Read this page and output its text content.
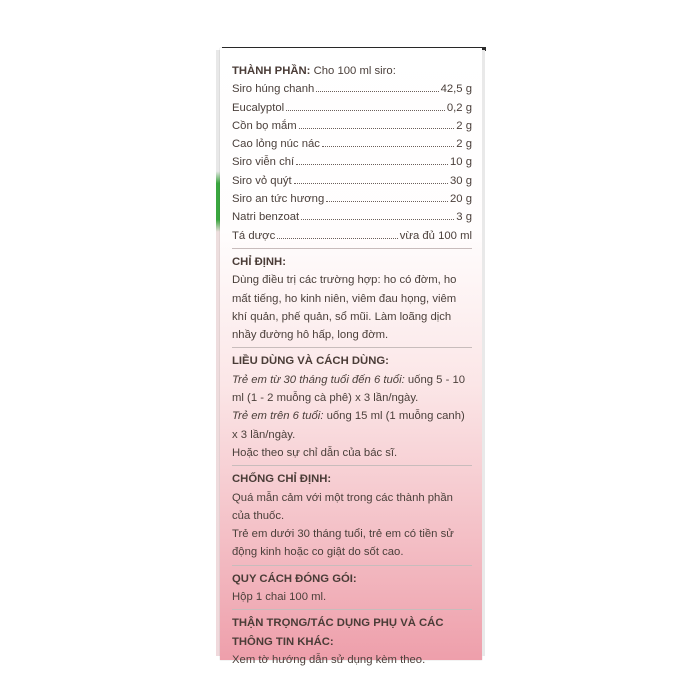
THÀNH PHẦN: Cho 100 ml siro:
Siro húng chanh	42,5 g
Eucalyptol	0,2 g
Cồn bọ mắm	2 g
Cao lỏng núc nác	2 g
Siro viễn chí	10 g
Siro vỏ quýt	30 g
Siro an tức hương	20 g
Natri benzoat	3 g
Tá dược	vừa đủ 100 ml
CHỈ ĐỊNH:
Dùng điều trị các trường hợp: ho có đờm, ho mất tiếng, ho kinh niên, viêm đau họng, viêm khí quản, phế quản, sổ mũi. Làm loãng dịch nhầy đường hô hấp, long đờm.
LIỀU DÙNG VÀ CÁCH DÙNG:
Trẻ em từ 30 tháng tuổi đến 6 tuổi: uống 5 - 10 ml (1 - 2 muỗng cà phê) x 3 lần/ngày.
Trẻ em trên 6 tuổi: uống 15 ml (1 muỗng canh) x 3 lần/ngày.
Hoặc theo sự chỉ dẫn của bác sĩ.
CHỐNG CHỈ ĐỊNH:
Quá mẫn cảm với một trong các thành phần của thuốc.
Trẻ em dưới 30 tháng tuổi, trẻ em có tiền sử động kinh hoặc co giật do sốt cao.
QUY CÁCH ĐÓNG GÓI:
Hộp 1 chai 100 ml.
THẬN TRỌNG/TÁC DỤNG PHỤ VÀ CÁC THÔNG TIN KHÁC:
Xem tờ hướng dẫn sử dụng kèm theo.
